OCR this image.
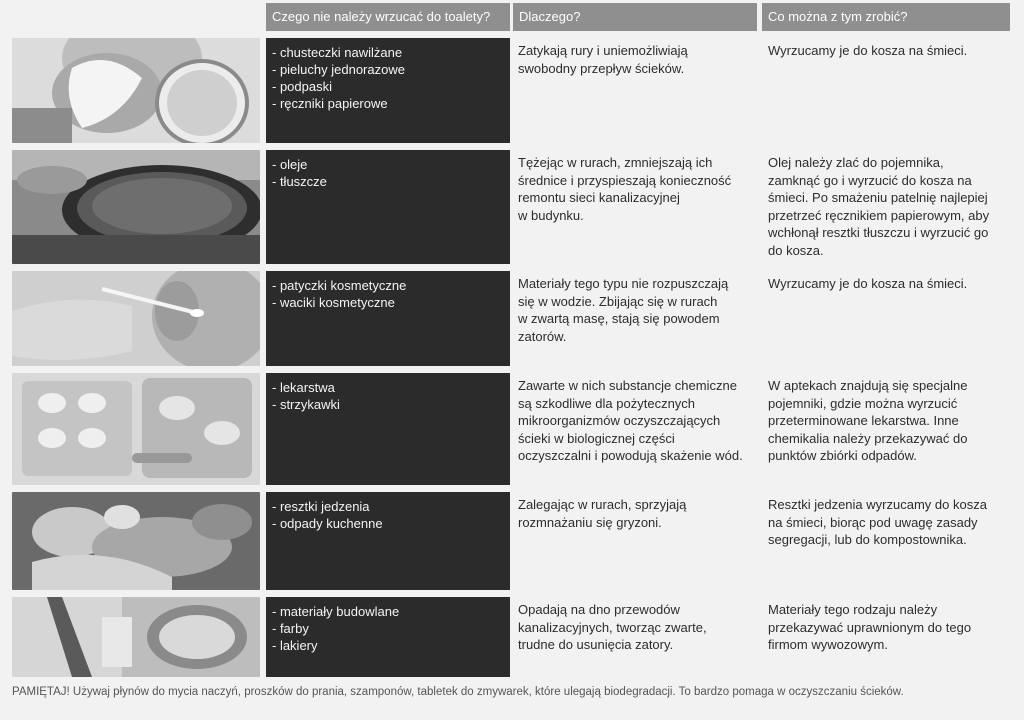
Czego nie należy wrzucać do toalety?	Dlaczego?	Co można z tym zrobić?
- chusteczki nawilżane
- pieluchy jednorazowe
- podpaski
- ręczniki papierowe
Zatykają rury i uniemożliwiają
swobodny przepływ ścieków.
Wyrzucamy je do kosza na śmieci.
- oleje
- tłuszcze
Tężejąc w rurach, zmniejszają ich
średnice i przyspieszają konieczność
remontu sieci kanalizacyjnej
w budynku.
Olej należy zlać do pojemnika,
zamknąć go i wyrzucić do kosza na
śmieci. Po smażeniu patelnię najlepiej
przetrzeć ręcznikiem papierowym, aby
wchłonął resztki tłuszczu i wyrzucić go
do kosza.
- patyczki kosmetyczne
- waciki kosmetyczne
Materiały tego typu nie rozpuszczają
się w wodzie. Zbijając się w rurach
w zwartą masę, stają się powodem
zatorów.
Wyrzucamy je do kosza na śmieci.
- lekarstwa
- strzykawki
Zawarte w nich substancje chemiczne
są szkodliwe dla pożytecznych
mikroorganizmów oczyszczających
ścieki w biologicznej części
oczyszczalni i powodują skażenie wód.
W aptekach znajdują się specjalne
pojemniki, gdzie można wyrzucić
przeterminowane lekarstwa. Inne
chemikalia należy przekazywać do
punktów zbiórki odpadów.
- resztki jedzenia
- odpady kuchenne
Zalegając w rurach, sprzyjają
rozmnażaniu się gryzoni.
Resztki jedzenia wyrzucamy do kosza
na śmieci, biorąc pod uwagę zasady
segregacji, lub do kompostownika.
- materiały budowlane
- farby
- lakiery
Opadają na dno przewodów
kanalizacyjnych, tworząc zwarte,
trudne do usunięcia zatory.
Materiały tego rodzaju należy
przekazywać uprawnionym do tego
firmom wywozowym.
PAMIĘTAJ! Używaj płynów do mycia naczyń, proszków do prania, szamponów, tabletek do zmywarek, które ulegają biodegradacji. To bardzo pomaga w oczyszczaniu ścieków.
